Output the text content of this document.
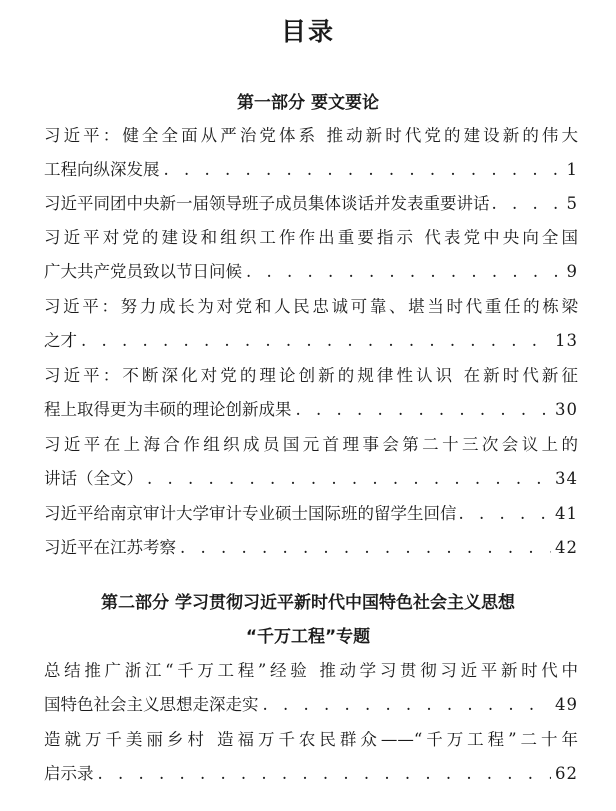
目录
第一部分 要文要论
习近平：健全全面从严治党体系 推动新时代党的建设新的伟大
工程向纵深发展 . . .	1
习近平同团中央新一届领导班子成员集体谈话并发表重要讲话 . . .	5
习近平对党的建设和组织工作作出重要指示 代表党中央向全国
广大共产党员致以节日问候 . . .	9
习近平：努力成长为对党和人民忠诚可靠、堪当时代重任的栋梁
之才 . . .	13
习近平：不断深化对党的理论创新的规律性认识 在新时代新征
程上取得更为丰硕的理论创新成果 . . .	30
习近平在上海合作组织成员国元首理事会第二十三次会议上的
讲话（全文） . . .	34
习近平给南京审计大学审计专业硕士国际班的留学生回信 . . .	41
习近平在江苏考察 . . .	42
第二部分 学习贯彻习近平新时代中国特色社会主义思想
“千万工程”专题
总结推广浙江“千万工程”经验 推动学习贯彻习近平新时代中
国特色社会主义思想走深走实 . . .	49
造就万千美丽乡村 造福万千农民群众——“千万工程”二十年
启示录 . . .	62
